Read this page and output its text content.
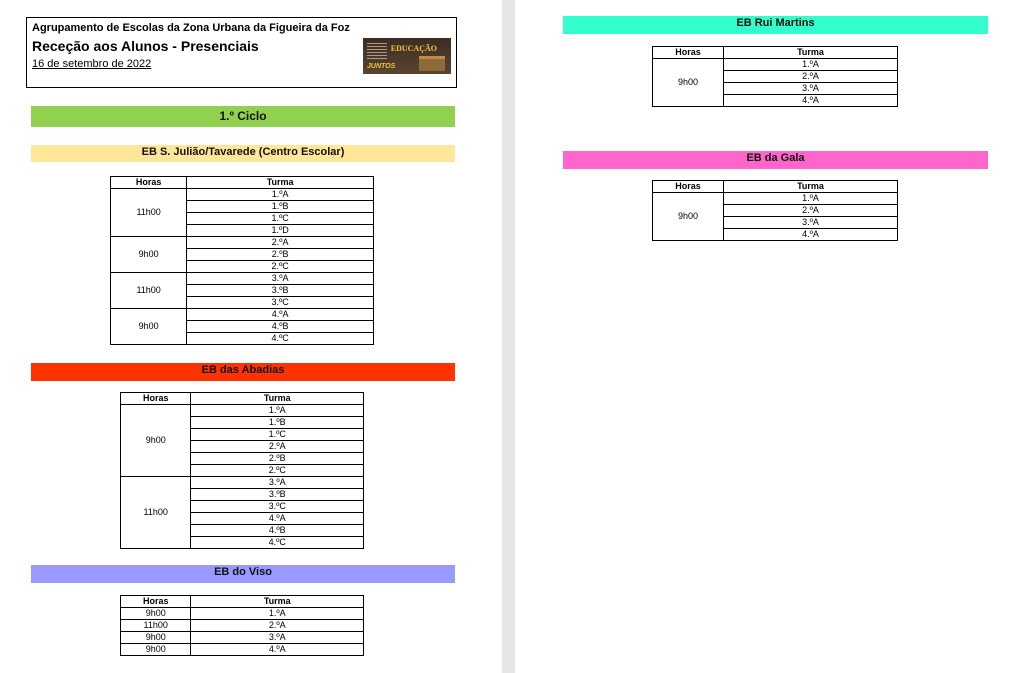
Agrupamento de Escolas da Zona Urbana da Figueira da Foz
Receção aos Alunos - Presenciais
16 de setembro de 2022
EDUCAÇÃO
JUNTOS
1.º Ciclo
EB S. Julião/Tavarede (Centro Escolar)
Horas	Turma
11h00	1.ºA
	1.ºB
	1.ºC
	1.ºD
9h00	2.ºA
	2.ºB
	2.ºC
11h00	3.ºA
	3.ºB
	3.ºC
9h00	4.ºA
	4.ºB
	4.ºC
EB das Abadias
Horas	Turma
9h00	1.ºA
	1.ºB
	1.ºC
	2.ºA
	2.ºB
	2.ºC
11h00	3.ºA
	3.ºB
	3.ºC
	4.ºA
	4.ºB
	4.ºC
EB do Viso
Horas	Turma
9h00	1.ºA
11h00	2.ºA
9h00	3.ºA
9h00	4.ºA
EB Rui Martins
Horas	Turma
9h00	1.ºA
	2.ºA
	3.ºA
	4.ºA
EB da Gala
Horas	Turma
9h00	1.ºA
	2.ºA
	3.ºA
	4.ºA
